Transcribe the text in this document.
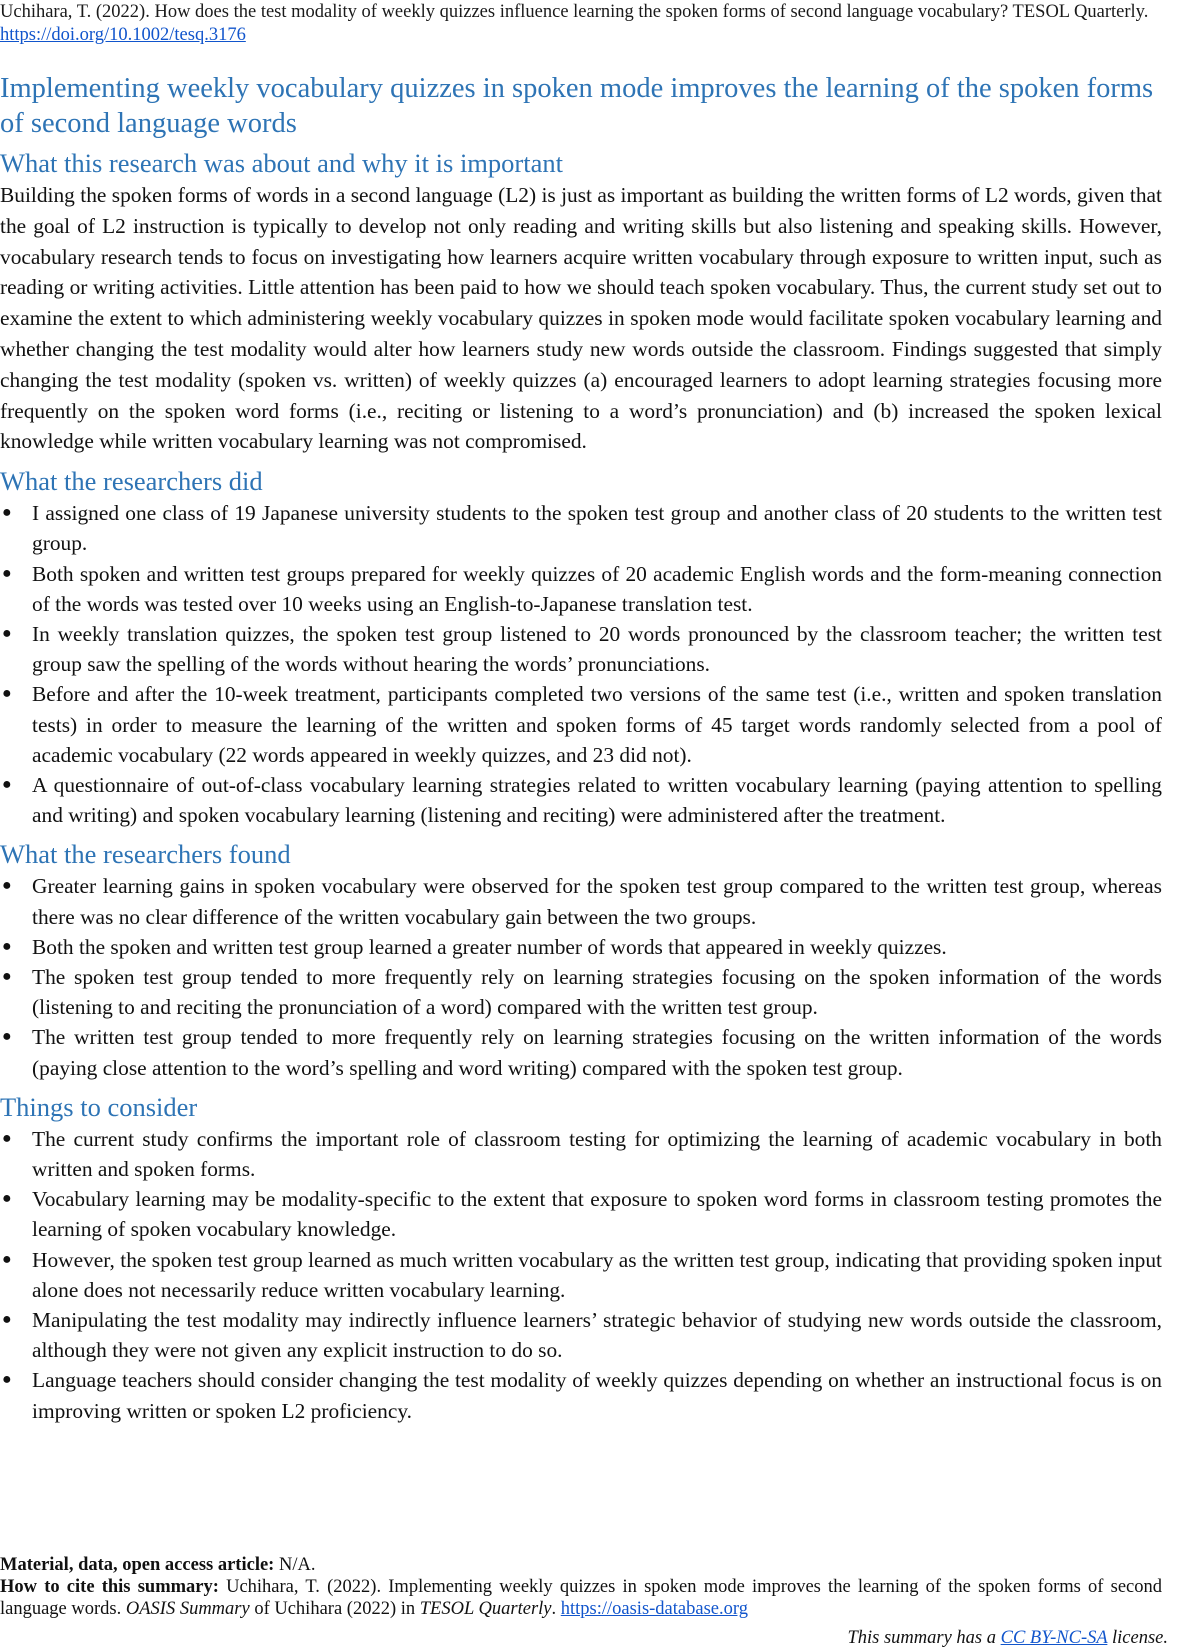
Uchihara, T. (2022). How does the test modality of weekly quizzes influence learning the spoken forms of second language vocabulary? TESOL Quarterly. https://doi.org/10.1002/tesq.3176

Implementing weekly vocabulary quizzes in spoken mode improves the learning of the spoken forms of second language words
What this research was about and why it is important

Building the spoken forms of words in a second language (L2) is just as important as building the written forms of L2 words, given that the goal of L2 instruction is typically to develop not only reading and writing skills but also listening and speaking skills. However, vocabulary research tends to focus on investigating how learners acquire written vocabulary through exposure to written input, such as reading or writing activities. Little attention has been paid to how we should teach spoken vocabulary. Thus, the current study set out to examine the extent to which administering weekly vocabulary quizzes in spoken mode would facilitate spoken vocabulary learning and whether changing the test modality would alter how learners study new words outside the classroom. Findings suggested that simply changing the test modality (spoken vs. written) of weekly quizzes (a) encouraged learners to adopt learning strategies focusing more frequently on the spoken word forms (i.e., reciting or listening to a word’s pronunciation) and (b) increased the spoken lexical knowledge while written vocabulary learning was not compromised.

What the researchers did
● I assigned one class of 19 Japanese university students to the spoken test group and another class of 20 students to the written test group.
● Both spoken and written test groups prepared for weekly quizzes of 20 academic English words and the form-meaning connection of the words was tested over 10 weeks using an English-to-Japanese translation test.
● In weekly translation quizzes, the spoken test group listened to 20 words pronounced by the classroom teacher; the written test group saw the spelling of the words without hearing the words’ pronunciations.
● Before and after the 10-week treatment, participants completed two versions of the same test (i.e., written and spoken translation tests) in order to measure the learning of the written and spoken forms of 45 target words randomly selected from a pool of academic vocabulary (22 words appeared in weekly quizzes, and 23 did not).
● A questionnaire of out-of-class vocabulary learning strategies related to written vocabulary learning (paying attention to spelling and writing) and spoken vocabulary learning (listening and reciting) were administered after the treatment.
What the researchers found
● Greater learning gains in spoken vocabulary were observed for the spoken test group compared to the written test group, whereas there was no clear difference of the written vocabulary gain between the two groups.
● Both the spoken and written test group learned a greater number of words that appeared in weekly quizzes.
● The spoken test group tended to more frequently rely on learning strategies focusing on the spoken information of the words (listening to and reciting the pronunciation of a word) compared with the written test group.
● The written test group tended to more frequently rely on learning strategies focusing on the written information of the words (paying close attention to the word’s spelling and word writing) compared with the spoken test group.
Things to consider
● The current study confirms the important role of classroom testing for optimizing the learning of academic vocabulary in both written and spoken forms.
● Vocabulary learning may be modality-specific to the extent that exposure to spoken word forms in classroom testing promotes the learning of spoken vocabulary knowledge.
● However, the spoken test group learned as much written vocabulary as the written test group, indicating that providing spoken input alone does not necessarily reduce written vocabulary learning.
● Manipulating the test modality may indirectly influence learners’ strategic behavior of studying new words outside the classroom, although they were not given any explicit instruction to do so.
● Language teachers should consider changing the test modality of weekly quizzes depending on whether an instructional focus is on improving written or spoken L2 proficiency.

Material, data, open access article: N/A.

How to cite this summary: Uchihara, T. (2022). Implementing weekly quizzes in spoken mode improves the learning of the spoken forms of second language words. OASIS Summary of Uchihara (2022) in TESOL Quarterly. https://oasis-database.org

This summary has a CC BY-NC-SA license.
